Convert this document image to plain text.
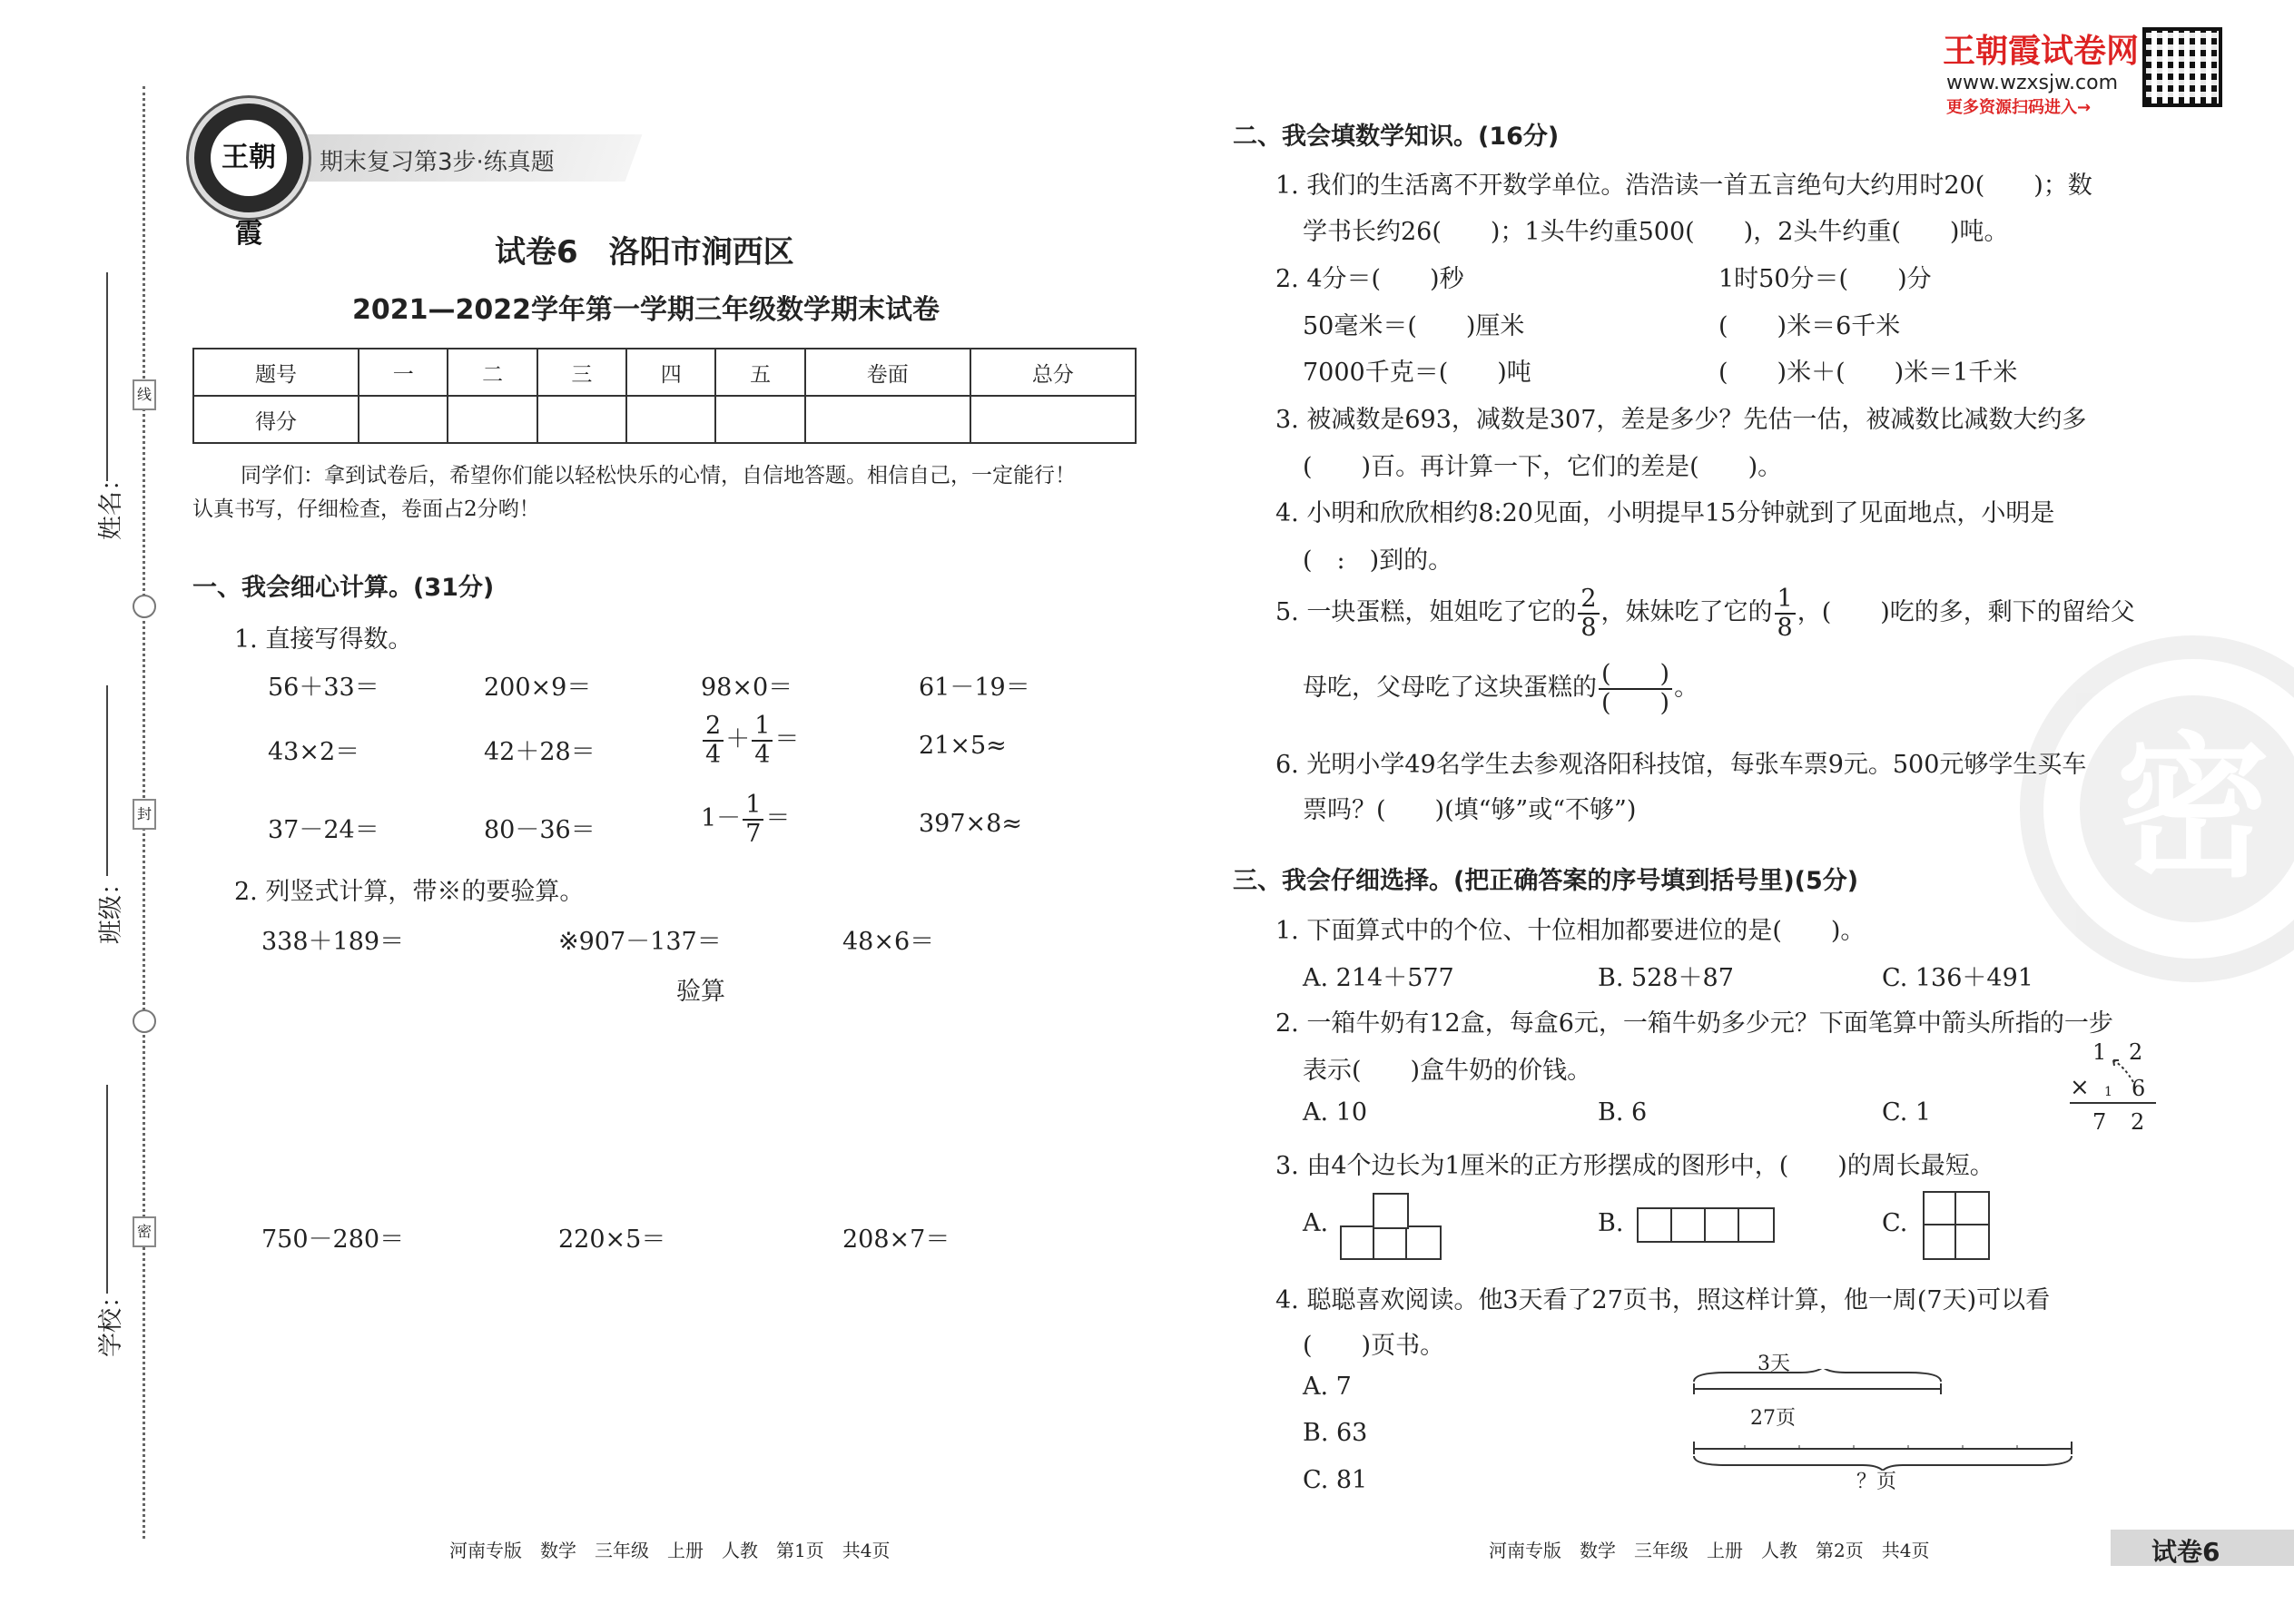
姓名：
班级：
学校：
线
封
密
期末复习第3步·练真题
王朝霞
试卷6　洛阳市涧西区
2021—2022学年第一学期三年级数学期末试卷
题号	一	二	三	四	五	卷面	总分
得分							
同学们：拿到试卷后，希望你们能以轻松快乐的心情，自信地答题。相信自己，一定能行！
认真书写，仔细检查，卷面占2分哟！
一、我会细心计算。(31分)
1. 直接写得数。
56＋33＝	200×9＝	98×0＝	61－19＝
43×2＝	42＋28＝	$\frac{2}{4} + \frac{1}{4}$ ＝	21×5≈
37－24＝	80－36＝	$1- \frac{1}{7}$ ＝	397×8≈
2. 列竖式计算，带※的要验算。
338＋189＝	※907－137＝	48×6＝
验算
750－280＝	220×5＝	208×7＝
河南专版　数学　三年级　上册　人教　第1页　共4页
王朝霞试卷网
www.wzxsjw.com
更多资源扫码进入→
密
二、我会填数学知识。(16分)
1. 我们的生活离不开数学单位。浩浩读一首五言绝句大约用时20(　　)；数
学书长约26(　　)；1头牛约重500(　　)，2头牛约重(　　)吨。
2. 4分＝(　　)秒	1时50分＝(　　)分
50毫米＝(　　)厘米	(　　)米＝6千米
7000千克＝(　　)吨	(　　)米＋(　　)米＝1千米
3. 被减数是693，减数是307，差是多少？先估一估，被减数比减数大约多
(　　)百。再计算一下，它们的差是(　　)。
4. 小明和欣欣相约8:20见面，小明提早15分钟就到了见面地点，小明是
(　:　)到的。
5. 一块蛋糕，姐姐吃了它的 $\frac{2}{8}$ ，妹妹吃了它的 $\frac{1}{8}$ ，(　　)吃的多，剩下的留给父
母吃，父母吃了这块蛋糕的 $\frac{( )}{( )}$ 。
6. 光明小学49名学生去参观洛阳科技馆，每张车票9元。500元够学生买车
票吗？(　　)(填“够”或“不够”)
三、我会仔细选择。(把正确答案的序号填到括号里)(5分)
1. 下面算式中的个位、十位相加都要进位的是(　　)。
A. 214＋577	B. 528＋87	C. 136＋491
2. 一箱牛奶有12盒，每盒6元，一箱牛奶多少元？下面笔算中箭头所指的一步
表示(　　)盒牛奶的价钱。
A. 10	B. 6	C. 1
1 2
× 1 6
7 2
3. 由4个边长为1厘米的正方形摆成的图形中，(　　)的周长最短。
A.	B.	C.
4. 聪聪喜欢阅读。他3天看了27页书，照这样计算，他一周(7天)可以看
(　　)页书。
A. 7
B. 63
C. 81
3天
27页
？页
河南专版　数学　三年级　上册　人教　第2页　共4页	试卷6
